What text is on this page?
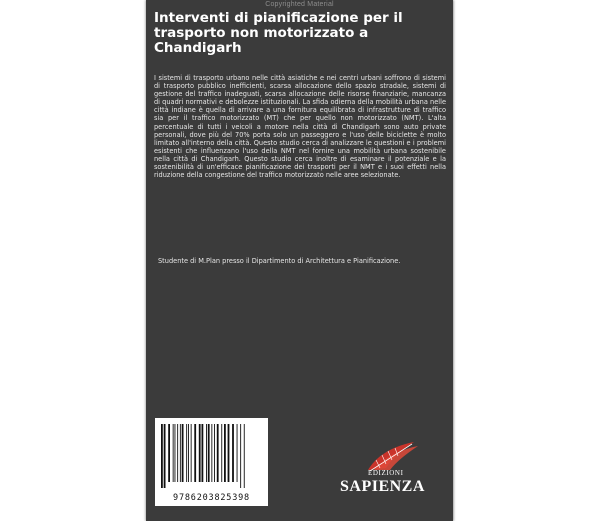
Copyrighted Material
Interventi di pianificazione per il trasporto non motorizzato a Chandigarh
I sistemi di trasporto urbano nelle città asiatiche e nei centri urbani soffrono di sistemi di trasporto pubblico inefficienti, scarsa allocazione dello spazio stradale, sistemi di gestione del traffico inadeguati, scarsa allocazione delle risorse finanziarie, mancanza di quadri normativi e debolezze istituzionali. La sfida odierna della mobilità urbana nelle città indiane è quella di arrivare a una fornitura equilibrata di infrastrutture di traffico sia per il traffico motorizzato (MT) che per quello non motorizzato (NMT). L'alta percentuale di tutti i veicoli a motore nella città di Chandigarh sono auto private personali, dove più del 70% porta solo un passeggero e l'uso delle biciclette è molto limitato all'interno della città. Questo studio cerca di analizzare le questioni e i problemi esistenti che influenzano l'uso della NMT nel fornire una mobilità urbana sostenibile nella città di Chandigarh. Questo studio cerca inoltre di esaminare il potenziale e la sostenibilità di un'efficace pianificazione dei trasporti per il NMT e i suoi effetti nella riduzione della congestione del traffico motorizzato nelle aree selezionate.
Studente di M.Plan presso il Dipartimento di Architettura e Pianificazione.
9786203825398
EDIZIONI
SAPIENZA
